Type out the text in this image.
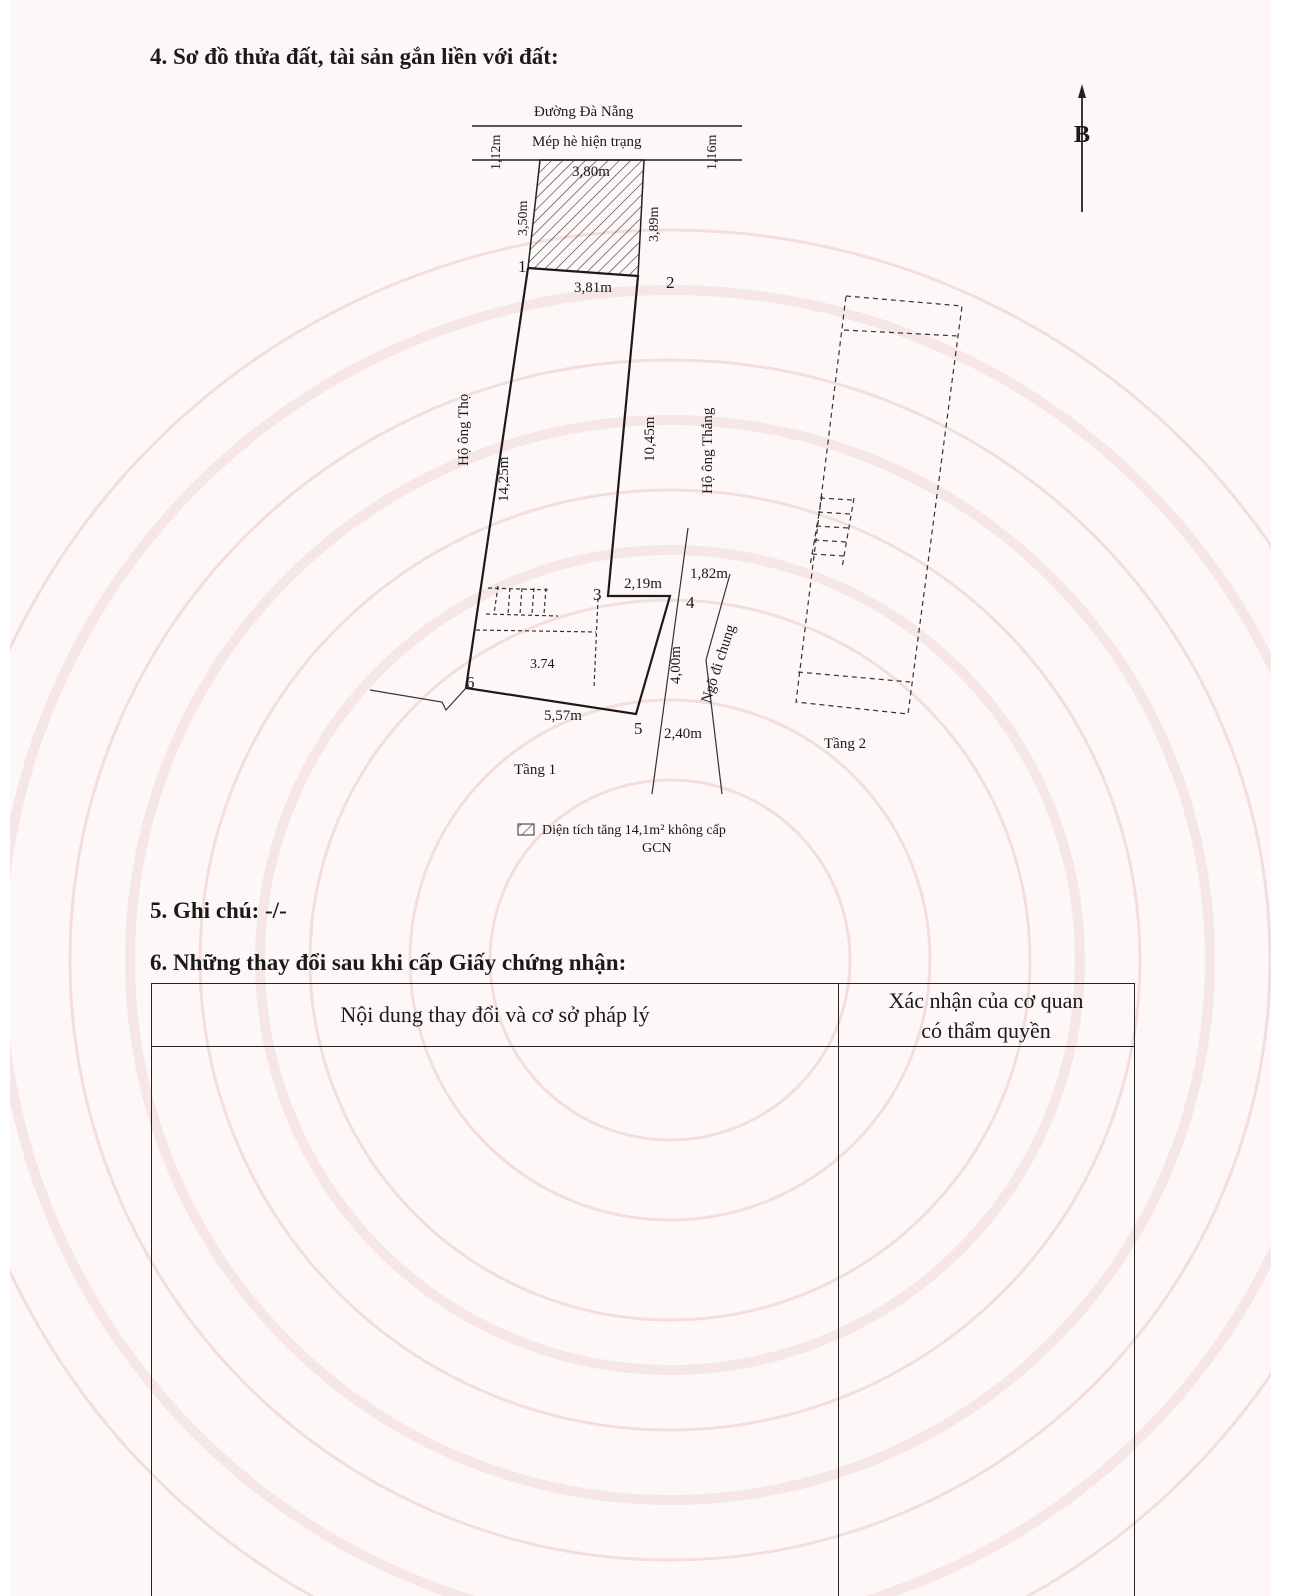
4. Sơ đồ thửa đất, tài sản gắn liền với đất:
Đường Đà Nẵng
Mép hè hiện trạng
1,12m	1,16m
3,80m
3,50m	3,89m
1
2
3	4
5
6
3,81m
14,25m
10,45m
2,19m
4,00m
5,57m
3.74
1,82m
2,40m
Hộ ông Thọ	Hộ ông Thắng
Ngõ đi chung
Tầng 1
Tầng 2
B
Diện tích tăng 14,1m² không cấp
GCN
5. Ghi chú: -/-
6. Những thay đổi sau khi cấp Giấy chứng nhận:
Nội dung thay đổi và cơ sở pháp lý
Xác nhận của cơ quan
có thẩm quyền
